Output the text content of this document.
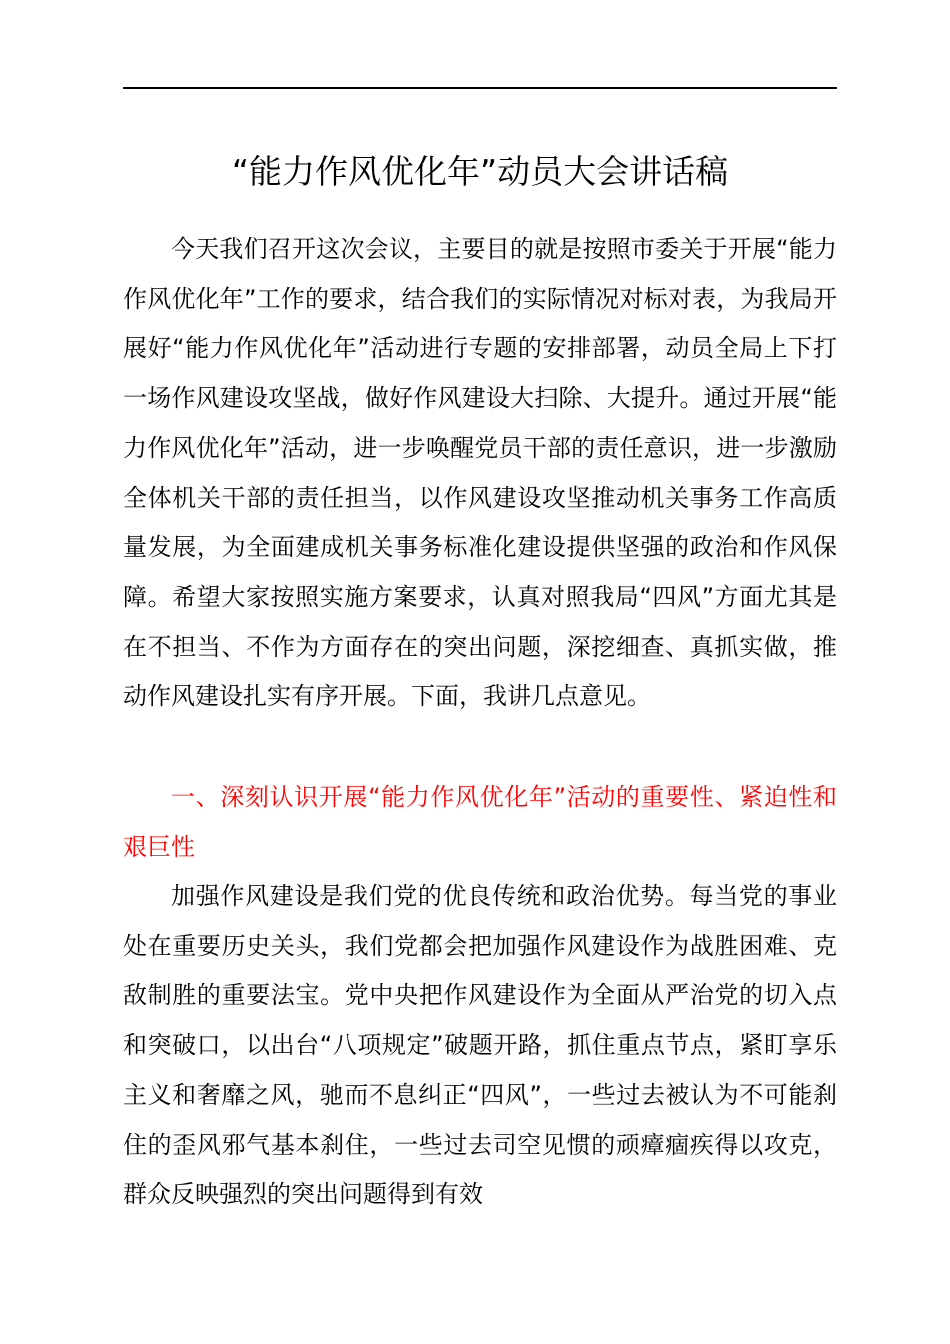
“能力作风优化年”动员大会讲话稿

今天我们召开这次会议，主要目的就是按照市委关于开展“能力作风优化年”工作的要求，结合我们的实际情况对标对表，为我局开展好“能力作风优化年”活动进行专题的安排部署，动员全局上下打一场作风建设攻坚战，做好作风建设大扫除、大提升。通过开展“能力作风优化年”活动，进一步唤醒党员干部的责任意识，进一步激励全体机关干部的责任担当，以作风建设攻坚推动机关事务工作高质量发展，为全面建成机关事务标准化建设提供坚强的政治和作风保障。希望大家按照实施方案要求，认真对照我局“四风”方面尤其是在不担当、不作为方面存在的突出问题，深挖细查、真抓实做，推动作风建设扎实有序开展。下面，我讲几点意见。

一、深刻认识开展“能力作风优化年”活动的重要性、紧迫性和艰巨性

加强作风建设是我们党的优良传统和政治优势。每当党的事业处在重要历史关头，我们党都会把加强作风建设作为战胜困难、克敌制胜的重要法宝。党中央把作风建设作为全面从严治党的切入点和突破口，以出台“八项规定”破题开路，抓住重点节点，紧盯享乐主义和奢靡之风，驰而不息纠正“四风”，一些过去被认为不可能刹住的歪风邪气基本刹住，一些过去司空见惯的顽瘴痼疾得以攻克，群众反映强烈的突出问题得到有效
